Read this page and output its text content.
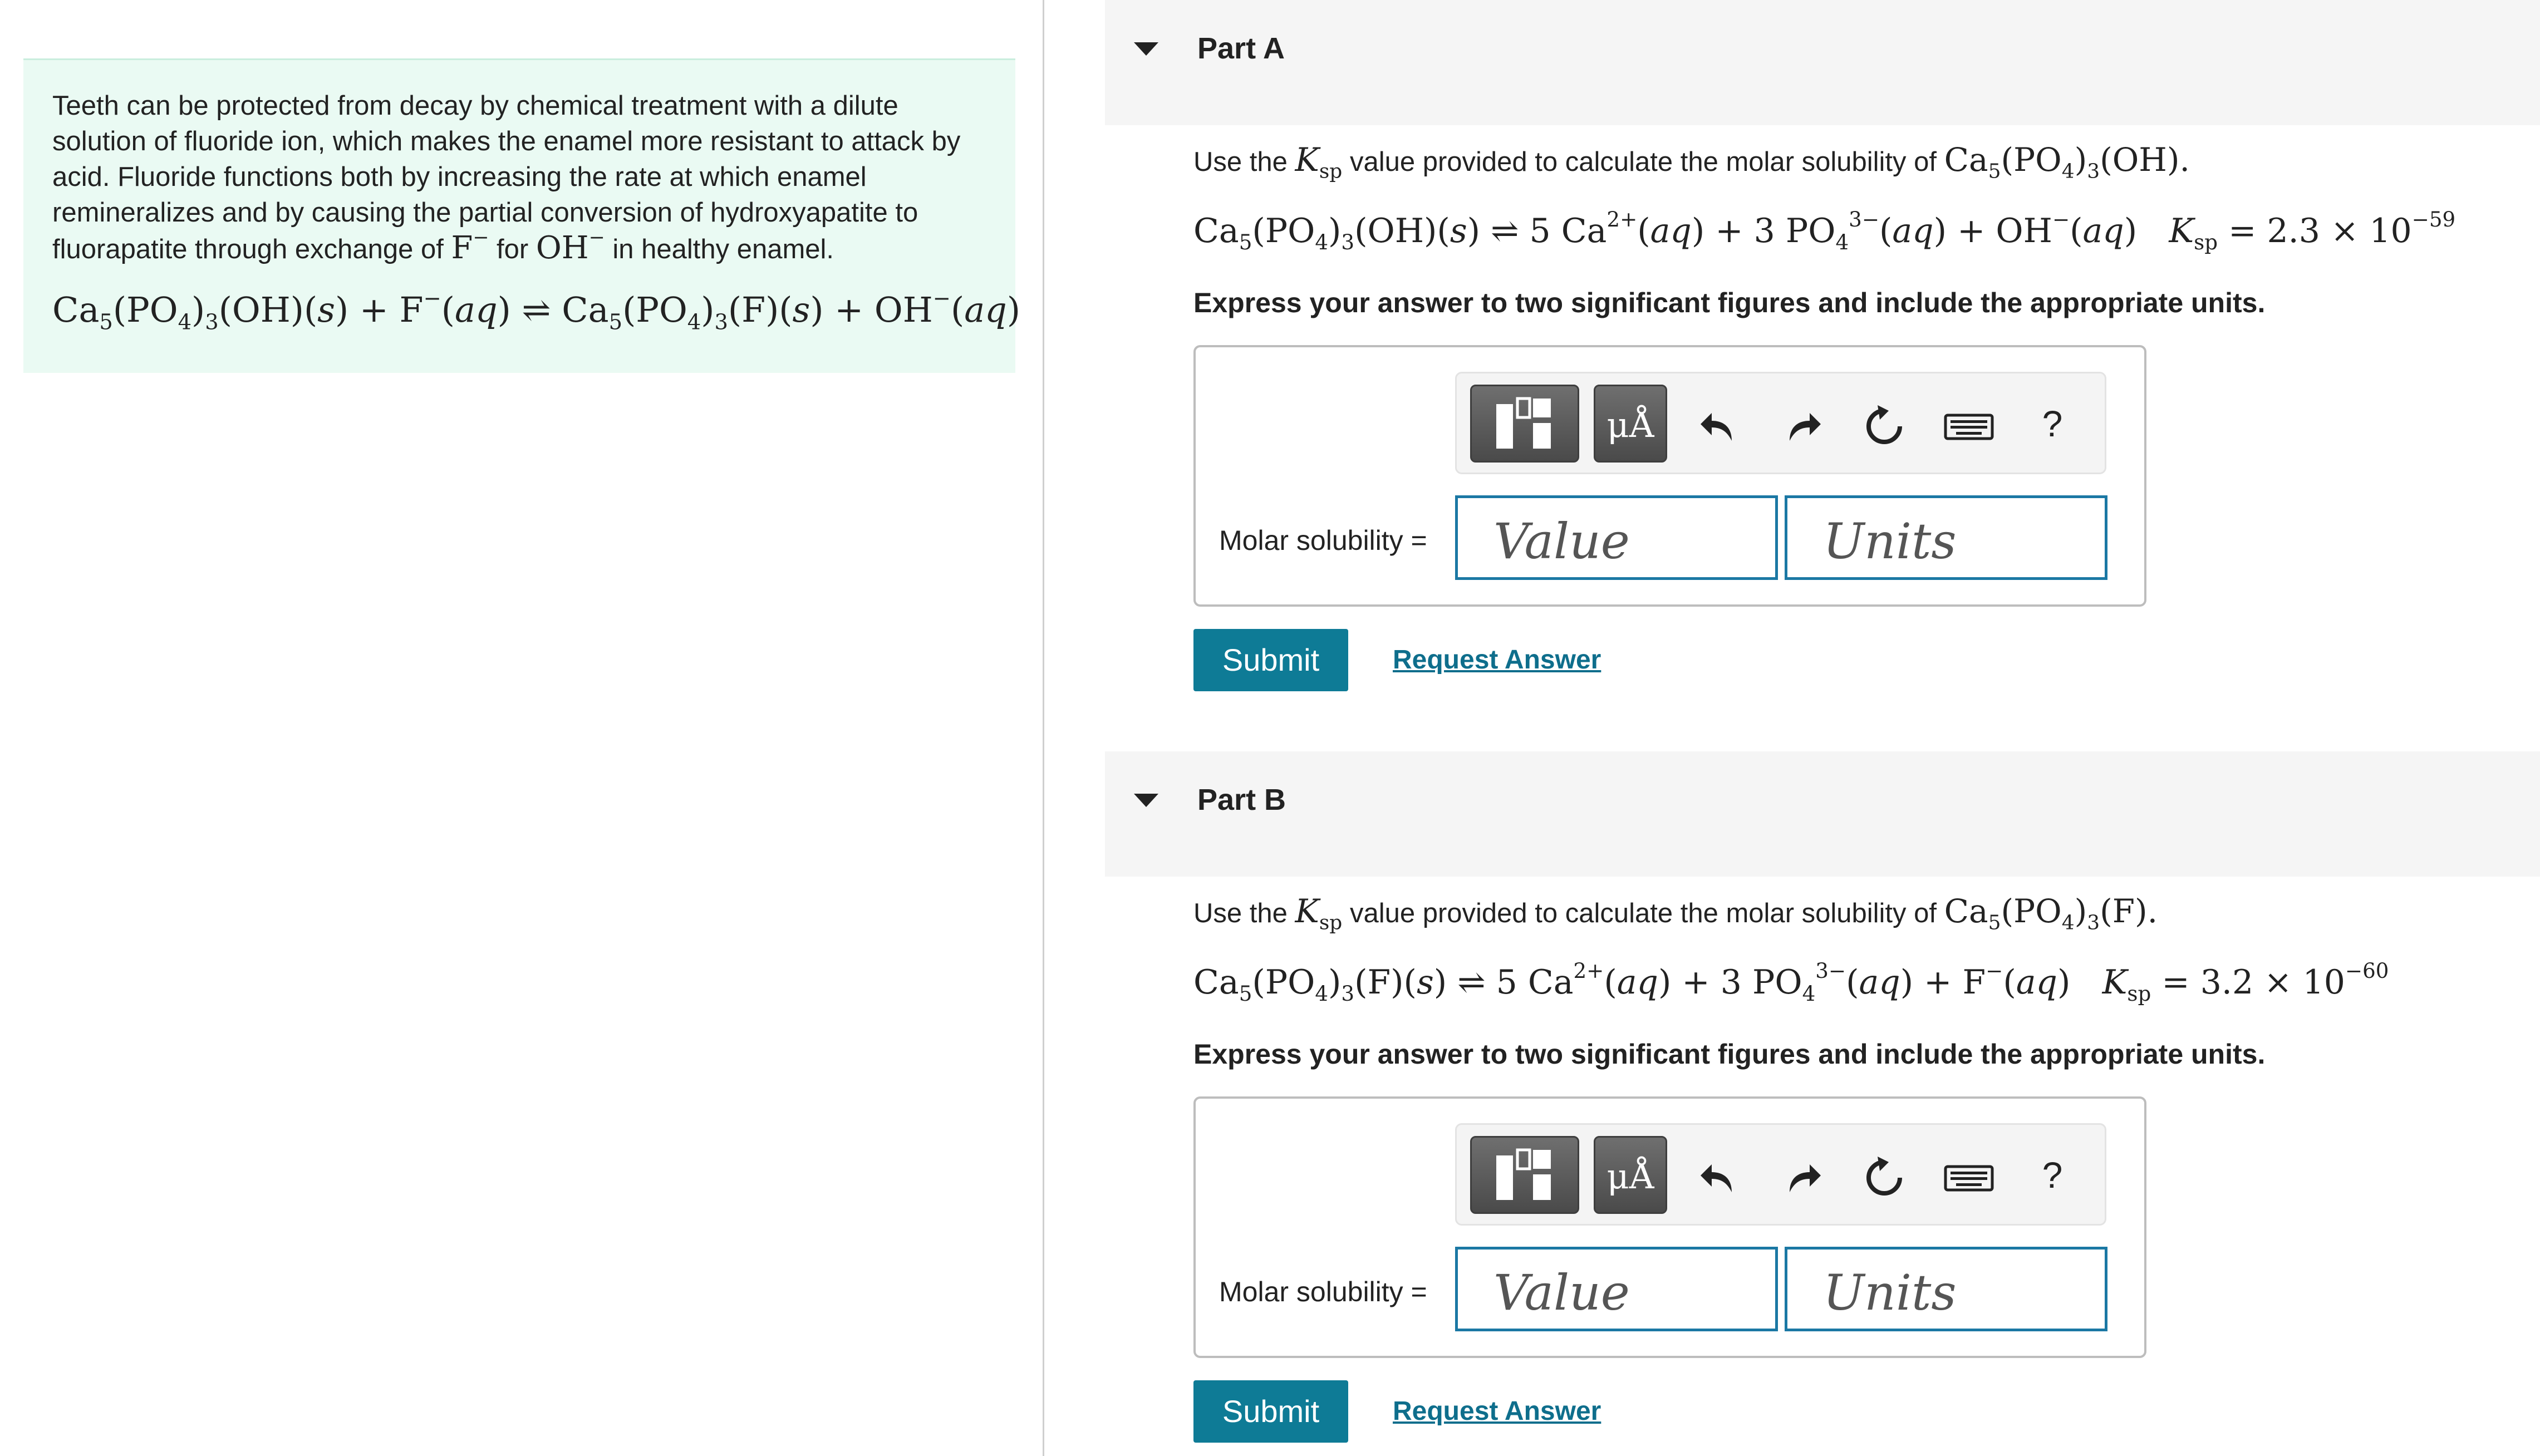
Teeth can be protected from decay by chemical treatment with a dilute solution of fluoride ion, which makes the enamel more resistant to attack by acid. Fluoride functions both by increasing the rate at which enamel remineralizes and by causing the partial conversion of hydroxyapatite to fluorapatite through exchange of F− for OH− in healthy enamel.

$Ca_5(PO_4)_3(OH)(s) + F^-(aq)$ ⇌ $Ca_5(PO_4)_3(F)(s) + OH^-(aq)$
Part A
Use the $K_{sp}$ value provided to calculate the molar solubility of $Ca_5(PO_4)_3(OH)$.
$Ca_5(PO_4)_3(OH)(s)$ ⇌ 5 $Ca^{2+}(aq) + 3$ $PO_4^{3-}(aq) + OH^-(aq) K_{sp} = 2.3 \times 10^{-59}$
Express your answer to two significant figures and include the appropriate units.
μÅ	?
Molar solubility =
Value
Units
Submit	Request Answer
Part B
Use the $K_{sp}$ value provided to calculate the molar solubility of $Ca_5(PO_4)_3(F)$.
$Ca_5(PO_4)_3(F)(s)$ ⇌ 5 $Ca^{2+}(aq) + 3$ $PO_4^{3-}(aq) + F^-(aq) K_{sp} = 3.2 \times 10^{-60}$
Express your answer to two significant figures and include the appropriate units.
μÅ	?
Molar solubility =
Value
Units
Submit	Request Answer
